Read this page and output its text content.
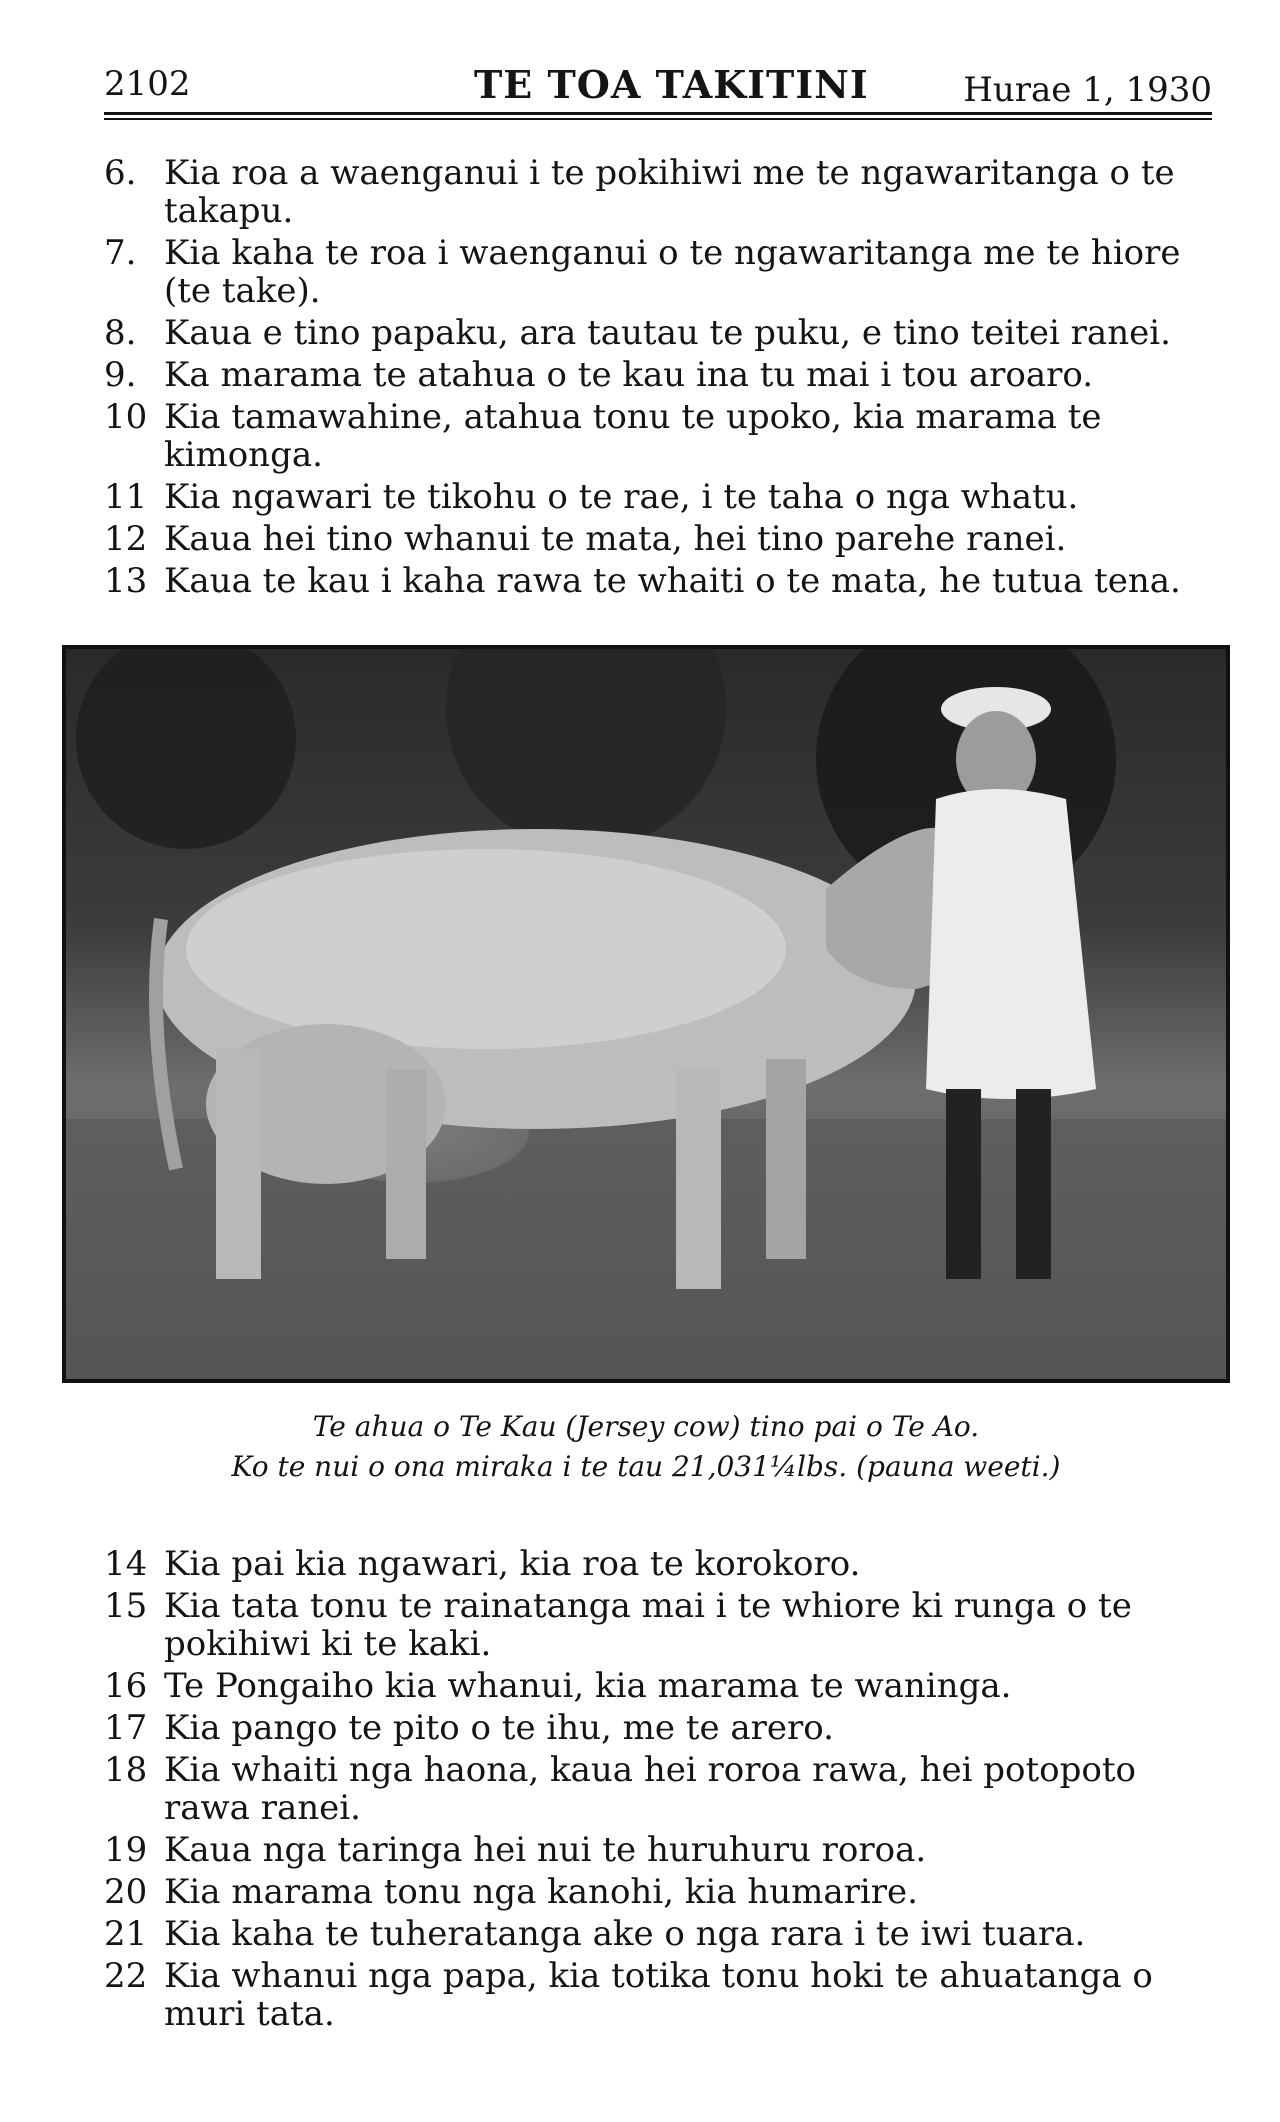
2102	TE TOA TAKITINI	Hurae 1, 1930
6. Kia roa a waenganui i te pokihiwi me te ngawaritanga o te takapu.
7. Kia kaha te roa i waenganui o te ngawaritanga me te hiore (te take).
8. Kaua e tino papaku, ara tautau te puku, e tino teitei ranei.
9. Ka marama te atahua o te kau ina tu mai i tou aroaro.
10 Kia tamawahine, atahua tonu te upoko, kia marama te kimonga.
11 Kia ngawari te tikohu o te rae, i te taha o nga whatu.
12 Kaua hei tino whanui te mata, hei tino parehe ranei.
13 Kaua te kau i kaha rawa te whaiti o te mata, he tutua tena.
Te ahua o Te Kau (Jersey cow) tino pai o Te Ao.
Ko te nui o ona miraka i te tau 21,031¼lbs. (pauna weeti.)
14 Kia pai kia ngawari, kia roa te korokoro.
15 Kia tata tonu te rainatanga mai i te whiore ki runga o te pokihiwi ki te kaki.
16 Te Pongaiho kia whanui, kia marama te waninga.
17 Kia pango te pito o te ihu, me te arero.
18 Kia whaiti nga haona, kaua hei roroa rawa, hei potopoto rawa ranei.
19 Kaua nga taringa hei nui te huruhuru roroa.
20 Kia marama tonu nga kanohi, kia humarire.
21 Kia kaha te tuheratanga ake o nga rara i te iwi tuara.
22 Kia whanui nga papa, kia totika tonu hoki te ahuatanga o muri tata.
